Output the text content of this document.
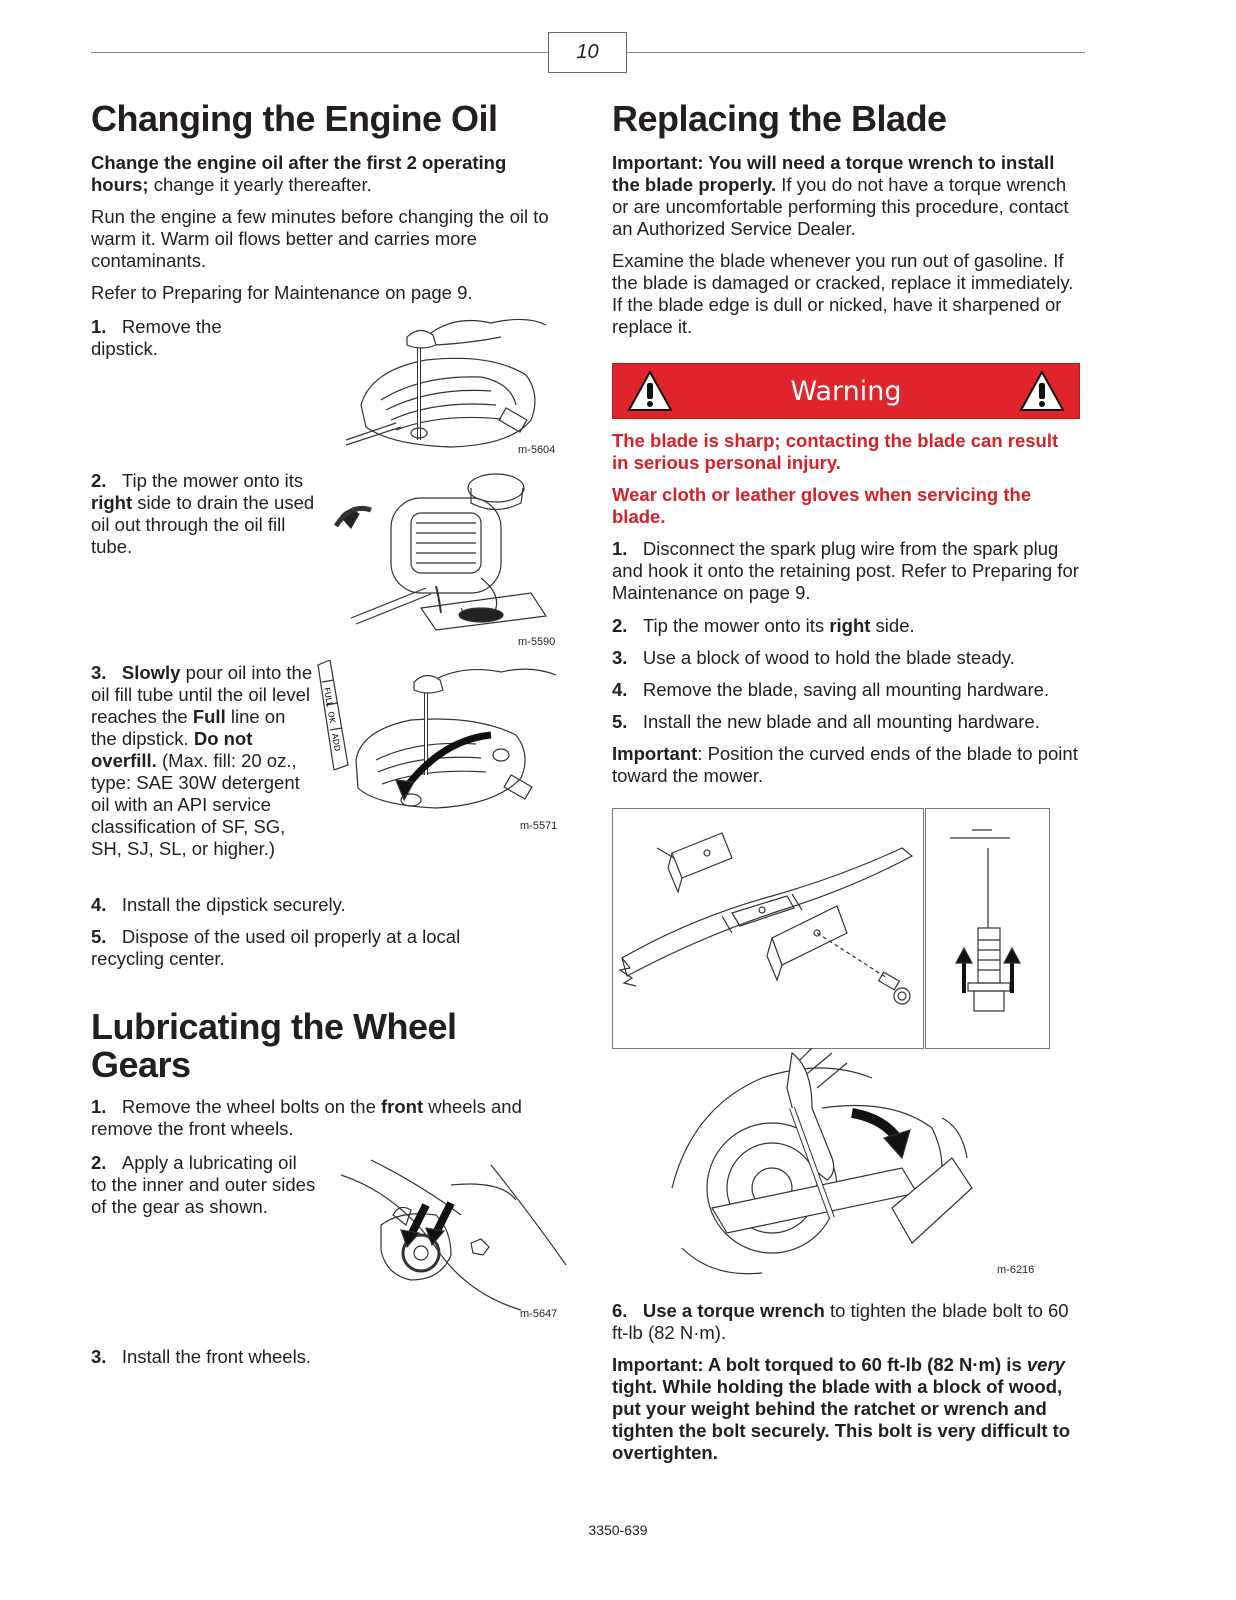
10
Changing the Engine Oil

Change the engine oil after the first 2 operating hours; change it yearly thereafter.

Run the engine a few minutes before changing the oil to warm it. Warm oil flows better and carries more contaminants.

Refer to Preparing for Maintenance on page 9.

1. Remove the dipstick.

m-5604

2. Tip the mower onto its right side to drain the used oil out through the oil fill tube.

m-5590

3. Slowly pour oil into the oil fill tube until the oil level reaches the Full line on the dipstick. Do not overfill. (Max. fill: 20 oz., type: SAE 30W detergent oil with an API service classification of SF, SG, SH, SJ, SL, or higher.)

FULL
OK
ADD
m-5571

4. Install the dipstick securely.

5. Dispose of the used oil properly at a local recycling center.

Lubricating the Wheel Gears

1. Remove the wheel bolts on the front wheels and remove the front wheels.

2. Apply a lubricating oil to the inner and outer sides of the gear as shown.

m-5647

3. Install the front wheels.

Replacing the Blade

Important: You will need a torque wrench to install the blade properly. If you do not have a torque wrench or are uncomfortable performing this procedure, contact an Authorized Service Dealer.

Examine the blade whenever you run out of gasoline. If the blade is damaged or cracked, replace it immediately. If the blade edge is dull or nicked, have it sharpened or replace it.

Warning

The blade is sharp; contacting the blade can result in serious personal injury.

Wear cloth or leather gloves when servicing the blade.

1. Disconnect the spark plug wire from the spark plug and hook it onto the retaining post. Refer to Preparing for Maintenance on page 9.

2. Tip the mower onto its right side.

3. Use a block of wood to hold the blade steady.

4. Remove the blade, saving all mounting hardware.

5. Install the new blade and all mounting hardware.

Important: Position the curved ends of the blade to point toward the mower.

m-6216

6. Use a torque wrench to tighten the blade bolt to 60 ft-lb (82 N·m).

Important: A bolt torqued to 60 ft-lb (82 N·m) is very tight. While holding the blade with a block of wood, put your weight behind the ratchet or wrench and tighten the bolt securely. This bolt is very difficult to overtighten.

3350-639
